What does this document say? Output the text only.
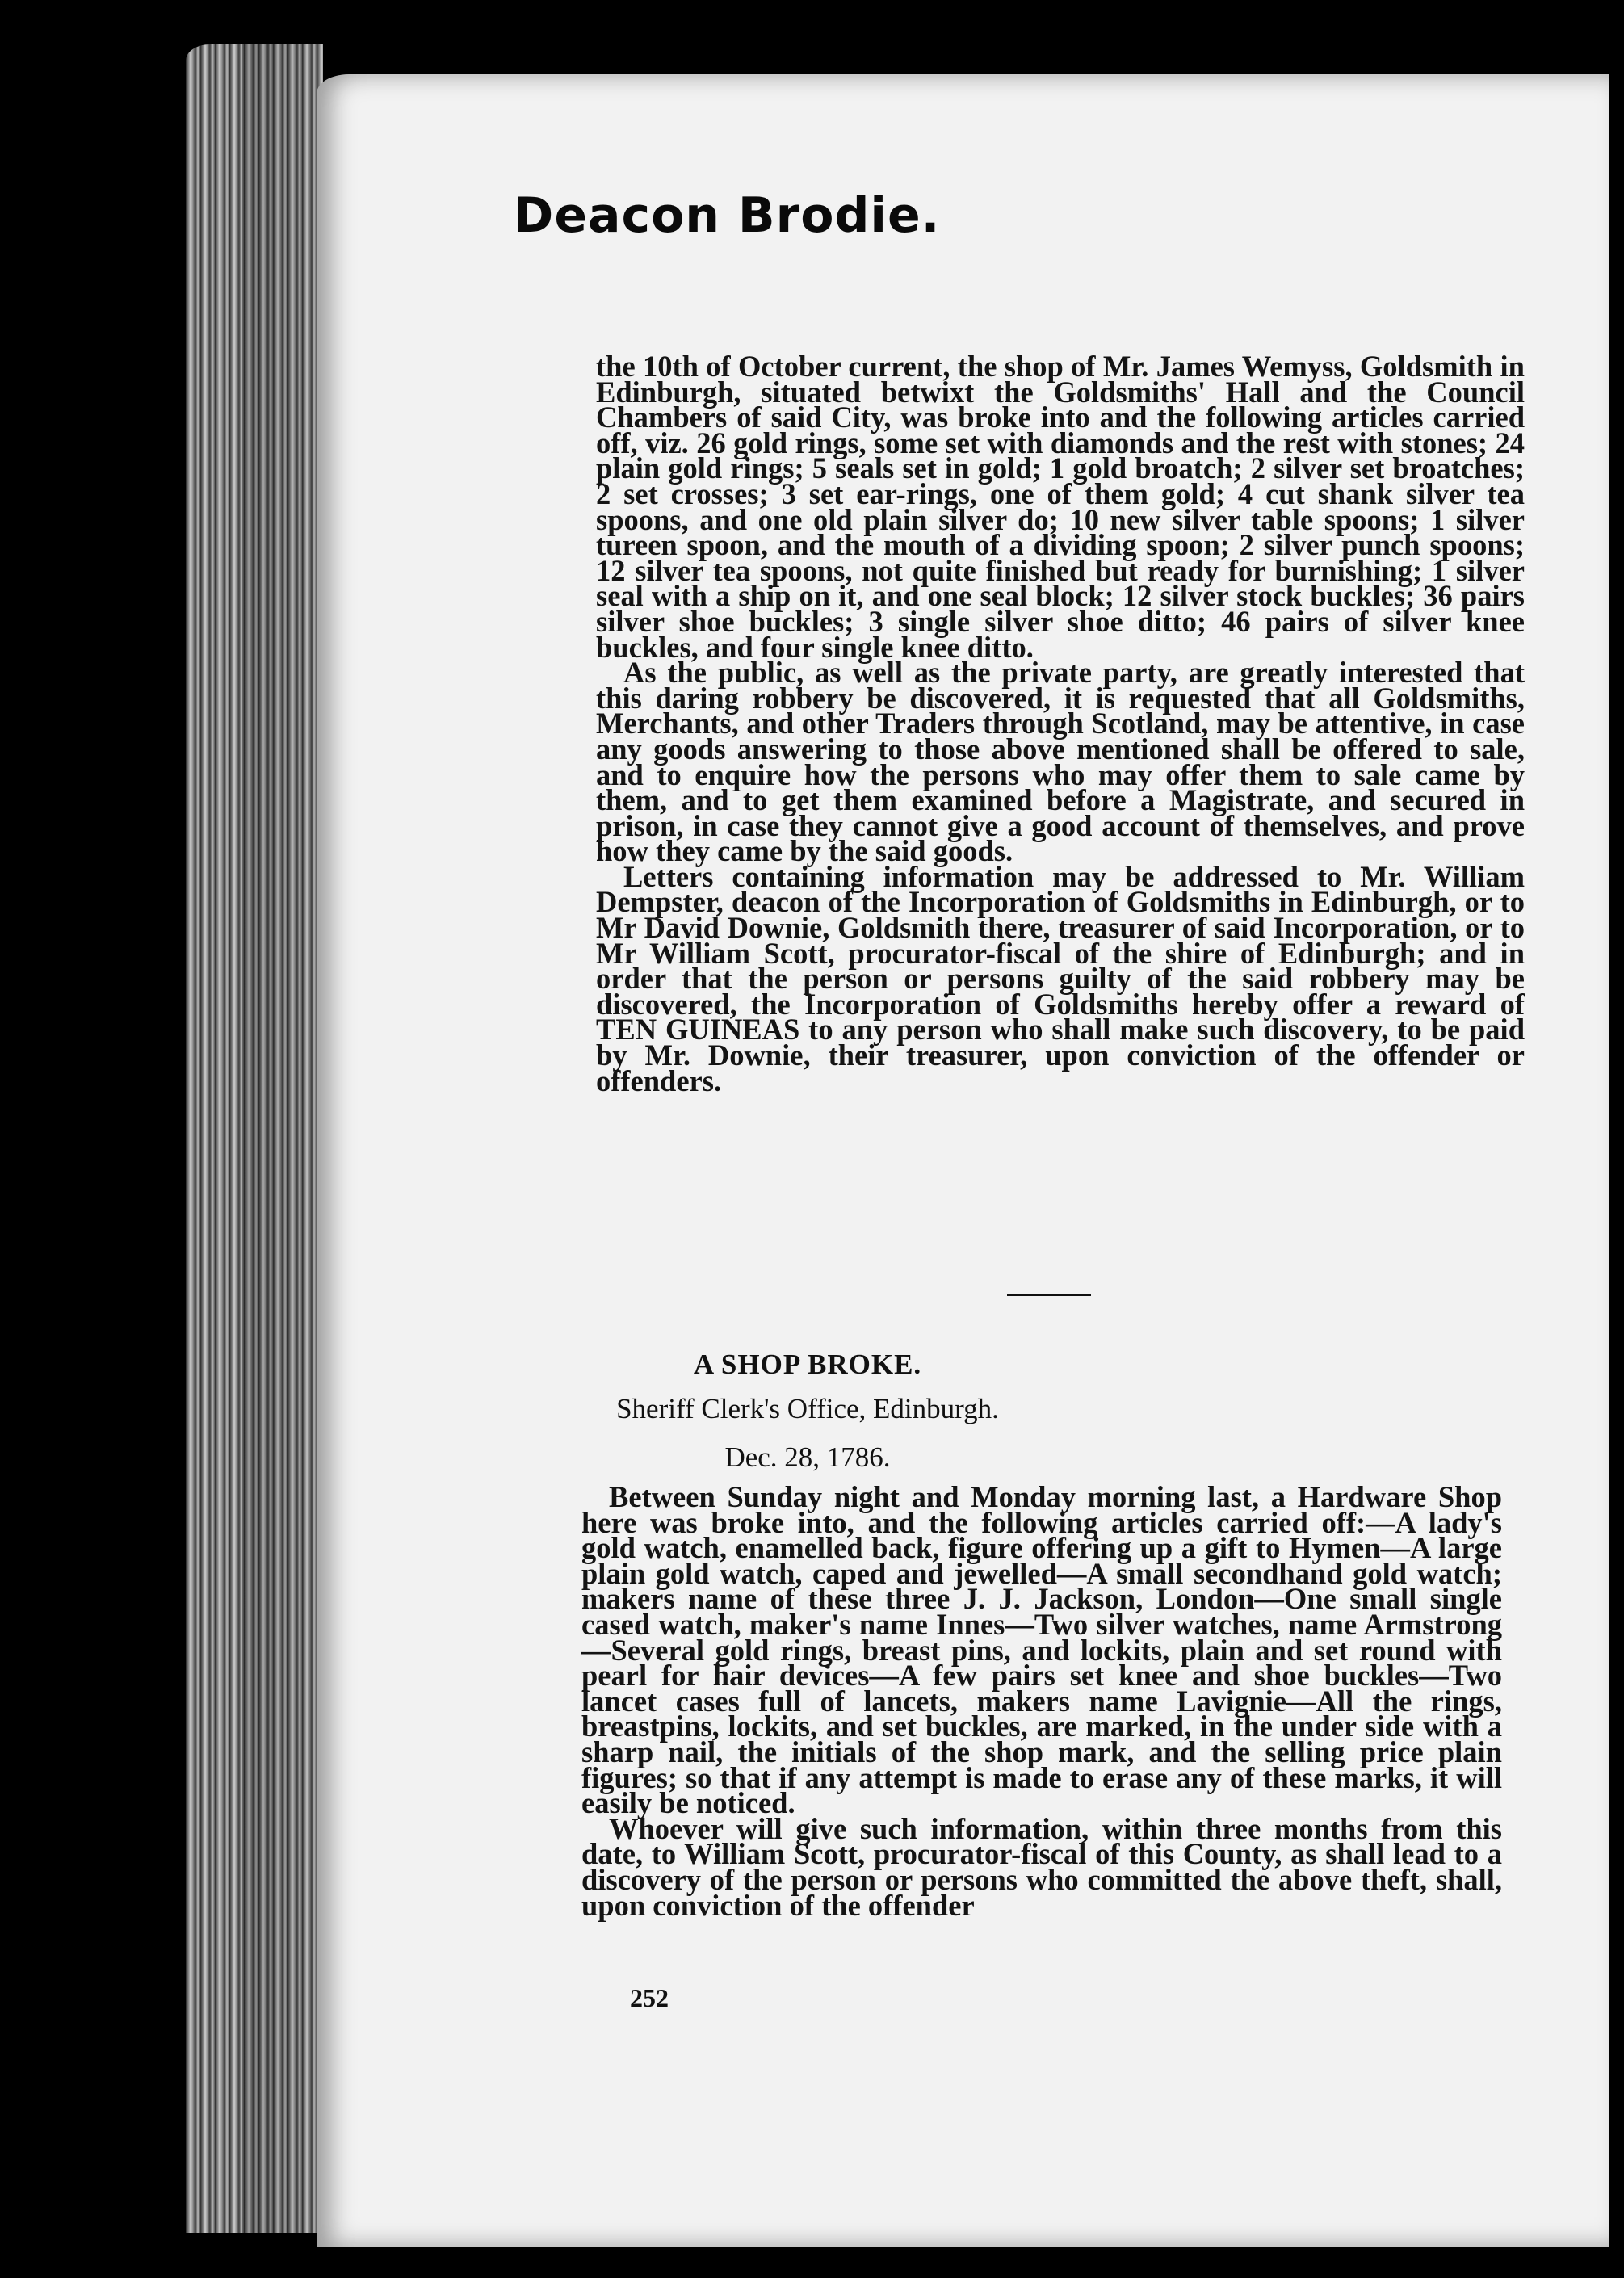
Deacon Brodie.

the 10th of October current, the shop of Mr. James Wemyss, Goldsmith in Edinburgh, situated betwixt the Goldsmiths' Hall and the Council Chambers of said City, was broke into and the following articles carried off, viz. 26 gold rings, some set with diamonds and the rest with stones; 24 plain gold rings; 5 seals set in gold; 1 gold broatch; 2 silver set broatches; 2 set crosses; 3 set ear-rings, one of them gold; 4 cut shank silver tea spoons, and one old plain silver do; 10 new silver table spoons; 1 silver tureen spoon, and the mouth of a dividing spoon; 2 silver punch spoons; 12 silver tea spoons, not quite finished but ready for burnishing; 1 silver seal with a ship on it, and one seal block; 12 silver stock buckles; 36 pairs silver shoe buckles; 3 single silver shoe ditto; 46 pairs of silver knee buckles, and four single knee ditto.

As the public, as well as the private party, are greatly interested that this daring robbery be discovered, it is requested that all Goldsmiths, Merchants, and other Traders through Scotland, may be attentive, in case any goods answering to those above mentioned shall be offered to sale, and to enquire how the persons who may offer them to sale came by them, and to get them examined before a Magistrate, and secured in prison, in case they cannot give a good account of themselves, and prove how they came by the said goods.

Letters containing information may be addressed to Mr. William Dempster, deacon of the Incorporation of Goldsmiths in Edinburgh, or to Mr David Downie, Goldsmith there, treasurer of said Incorporation, or to Mr William Scott, procurator-fiscal of the shire of Edinburgh; and in order that the person or persons guilty of the said robbery may be discovered, the Incorporation of Goldsmiths hereby offer a reward of TEN GUINEAS to any person who shall make such discovery, to be paid by Mr. Downie, their treasurer, upon conviction of the offender or offenders.

A SHOP BROKE.
Sheriff Clerk's Office, Edinburgh.
Dec. 28, 1786.

Between Sunday night and Monday morning last, a Hardware Shop here was broke into, and the following articles carried off:—A lady's gold watch, enamelled back, figure offering up a gift to Hymen—A large plain gold watch, caped and jewelled—A small secondhand gold watch; makers name of these three J. J. Jackson, London—One small single cased watch, maker's name Innes—Two silver watches, name Armstrong—Several gold rings, breast pins, and lockits, plain and set round with pearl for hair devices—A few pairs set knee and shoe buckles—Two lancet cases full of lancets, makers name Lavignie—All the rings, breastpins, lockits, and set buckles, are marked, in the under side with a sharp nail, the initials of the shop mark, and the selling price plain figures; so that if any attempt is made to erase any of these marks, it will easily be noticed.

Whoever will give such information, within three months from this date, to William Scott, procurator-fiscal of this County, as shall lead to a discovery of the person or persons who committed the above theft, shall, upon conviction of the offender

252
